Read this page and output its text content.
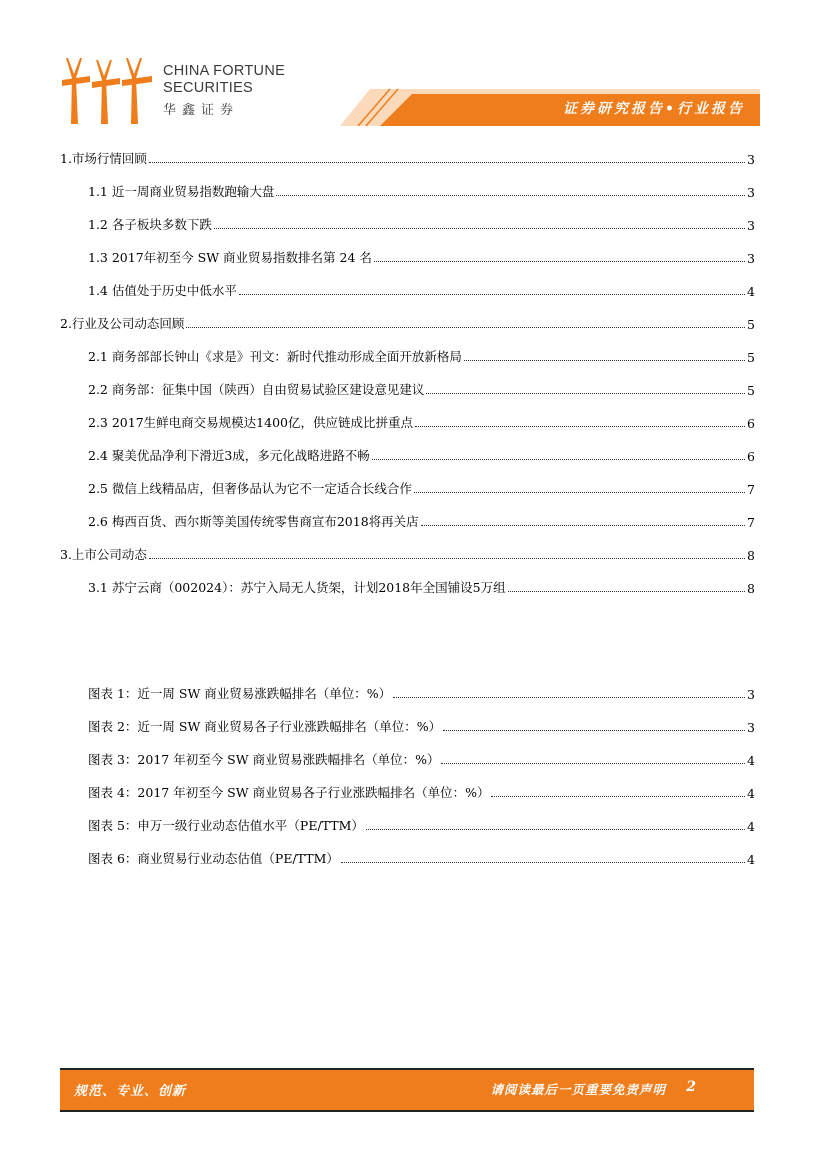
CHINA FORTUNE
SECURITIES
华鑫证券	证券研究报告•行业报告
1.市场行情回顾	3
1.1 近一周商业贸易指数跑输大盘	3
1.2 各子板块多数下跌	3
1.3 2017年初至今 SW 商业贸易指数排名第 24 名	3
1.4 估值处于历史中低水平	4
2.行业及公司动态回顾	5
2.1 商务部部长钟山《求是》刊文：新时代推动形成全面开放新格局	5
2.2 商务部：征集中国（陕西）自由贸易试验区建设意见建议	5
2.3 2017生鲜电商交易规模达1400亿，供应链成比拼重点	6
2.4 聚美优品净利下滑近3成，多元化战略进路不畅	6
2.5 微信上线精品店，但奢侈品认为它不一定适合长线合作	7
2.6 梅西百货、西尔斯等美国传统零售商宣布2018将再关店	7
3.上市公司动态	8
3.1 苏宁云商（002024）：苏宁入局无人货架，计划2018年全国铺设5万组	8
图表 1：近一周 SW 商业贸易涨跌幅排名（单位：%）	3
图表 2：近一周 SW 商业贸易各子行业涨跌幅排名（单位：%）	3
图表 3：2017 年初至今 SW 商业贸易涨跌幅排名（单位：%）	4
图表 4：2017 年初至今 SW 商业贸易各子行业涨跌幅排名（单位：%）	4
图表 5：申万一级行业动态估值水平（PE/TTM）	4
图表 6：商业贸易行业动态估值（PE/TTM）	4
规范、专业、创新	请阅读最后一页重要免责声明 2
